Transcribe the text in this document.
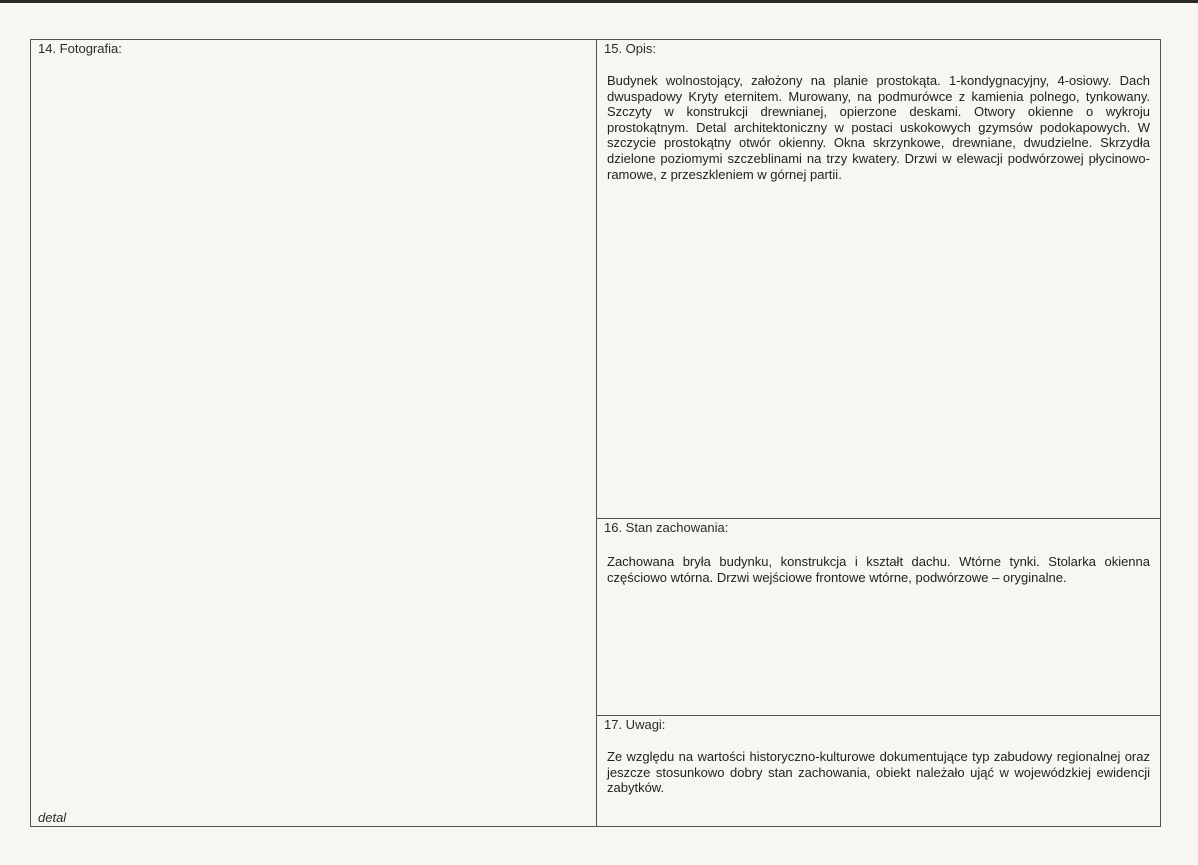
14. Fotografia:
detal
15. Opis:
Budynek wolnostojący, założony na planie prostokąta. 1-kondygnacyjny, 4-osiowy. Dach dwuspadowy Kryty eternitem. Murowany, na podmurówce z kamienia polnego, tynkowany. Szczyty w konstrukcji drewnianej, opierzone deskami. Otwory okienne o wykroju prostokątnym. Detal architektoniczny w postaci uskokowych gzymsów podokapowych. W szczycie prostokątny otwór okienny. Okna skrzynkowe, drewniane, dwudzielne. Skrzydła dzielone poziomymi szczeblinami na trzy kwatery. Drzwi w elewacji podwórzowej płycinowo-ramowe, z przeszkleniem w górnej partii.
16. Stan zachowania:
Zachowana bryła budynku, konstrukcja i kształt dachu. Wtórne tynki. Stolarka okienna częściowo wtórna. Drzwi wejściowe frontowe wtórne, podwórzowe – oryginalne.
17. Uwagi:
Ze względu na wartości historyczno-kulturowe dokumentujące typ zabudowy regionalnej oraz jeszcze stosunkowo dobry stan zachowania, obiekt należało ująć w wojewódzkiej ewidencji zabytków.
